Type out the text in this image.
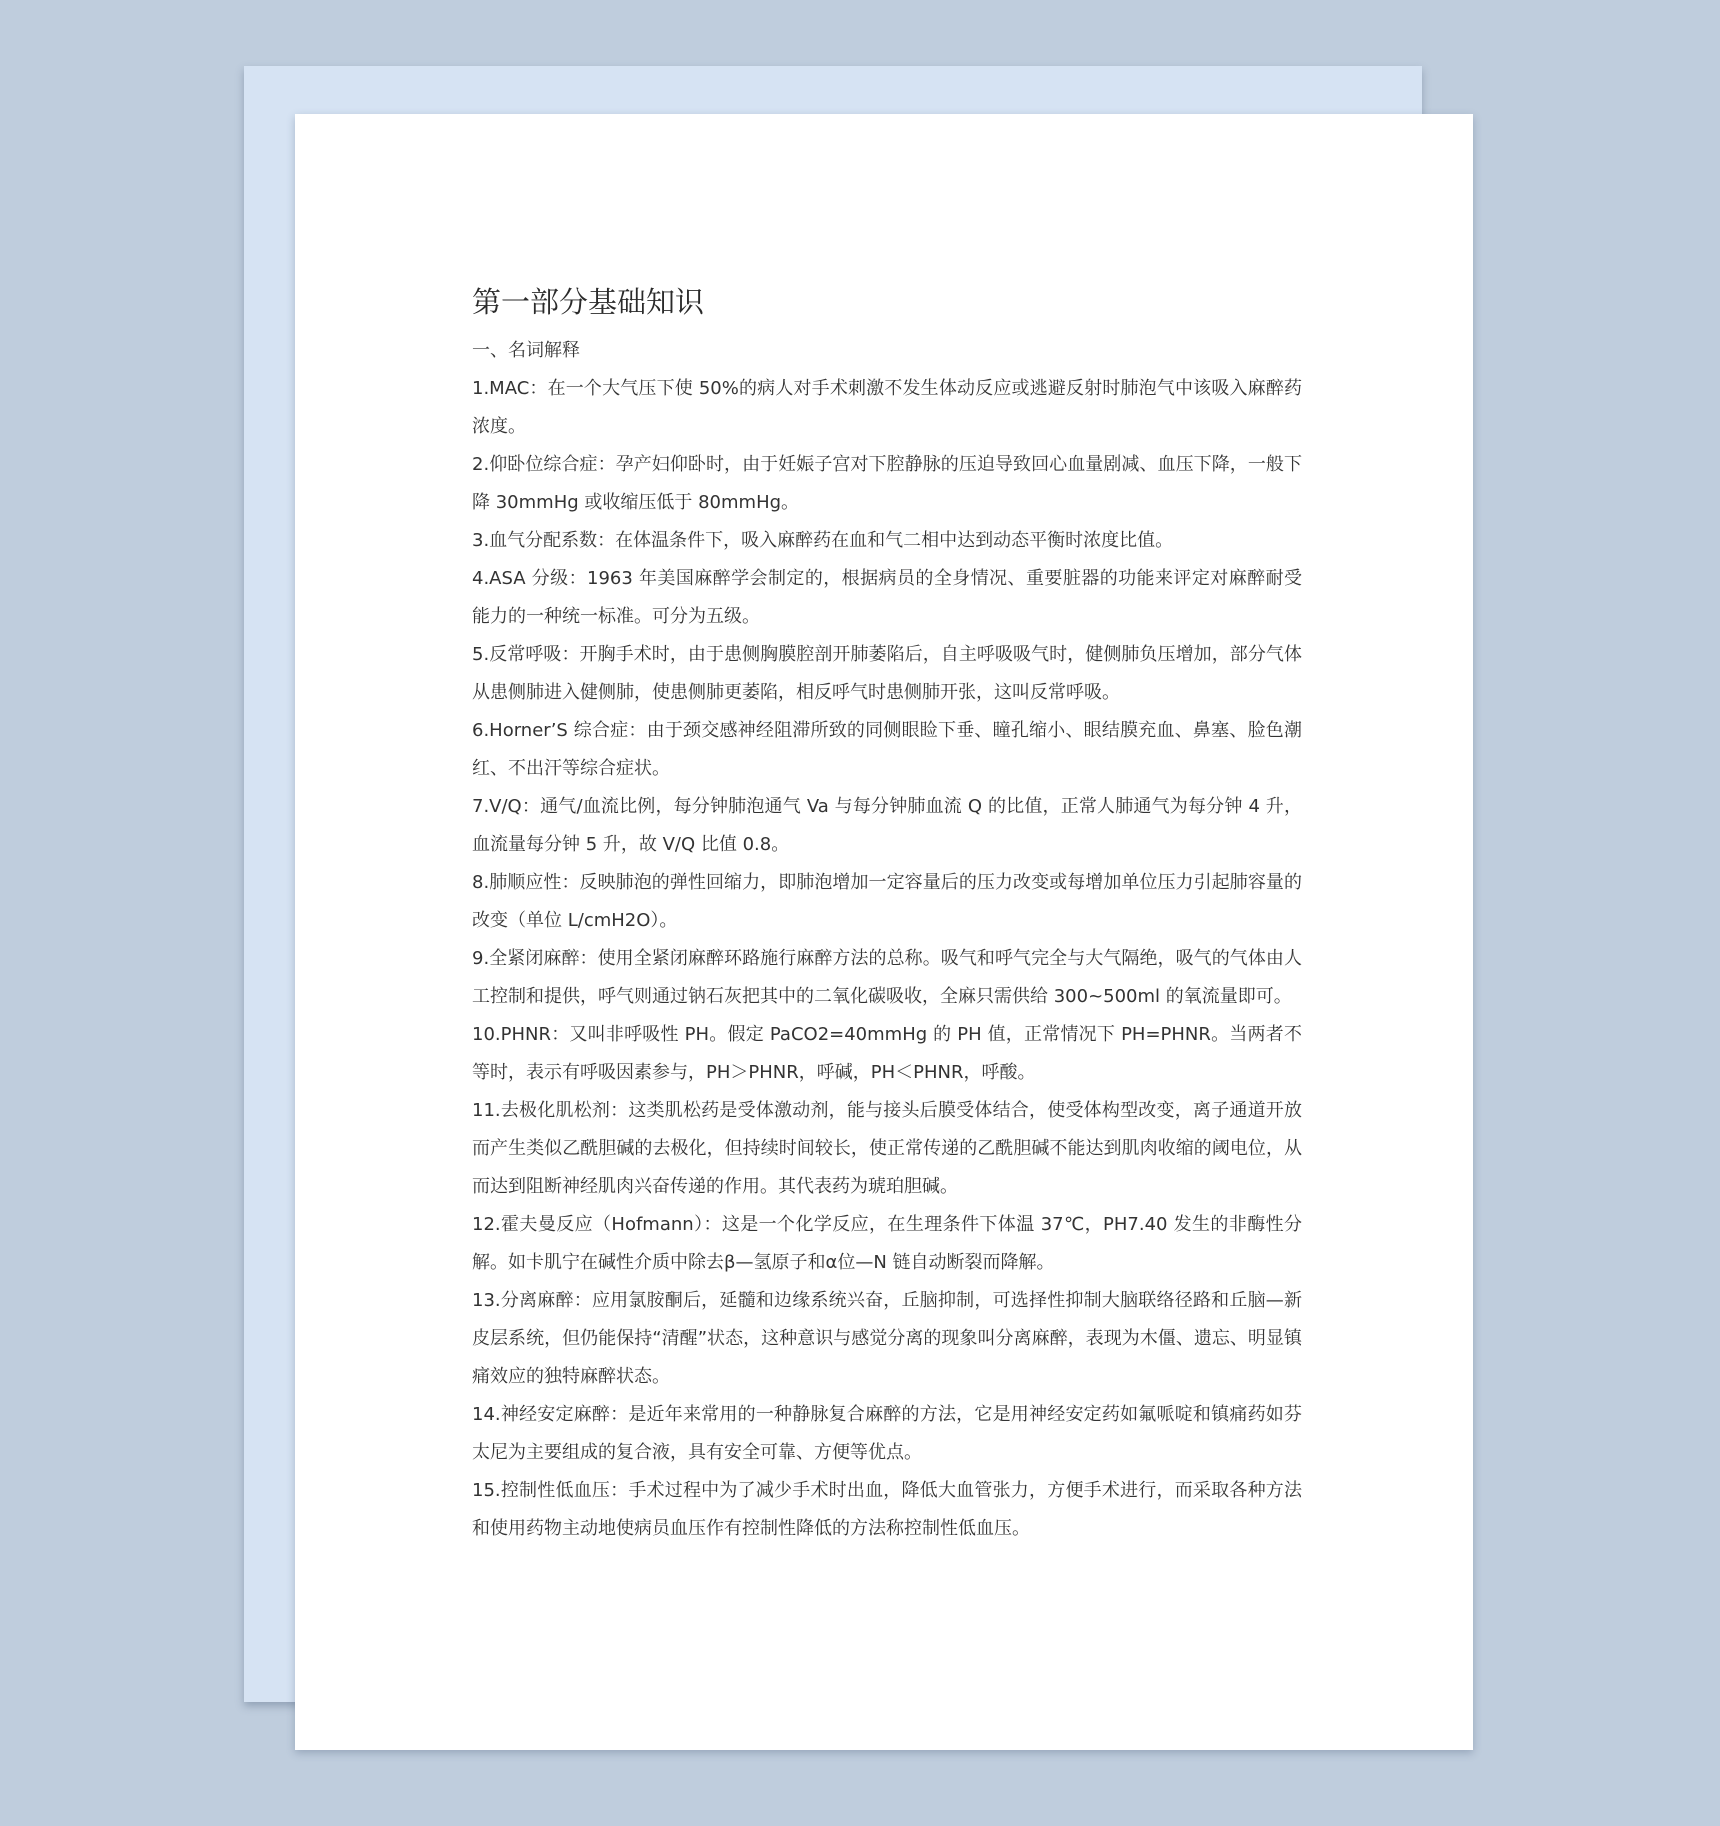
第一部分基础知识

一、名词解释

1.MAC：在一个大气压下使 50%的病人对手术刺激不发生体动反应或逃避反射时肺泡气中该吸入麻醉药浓度。

2.仰卧位综合症：孕产妇仰卧时，由于妊娠子宫对下腔静脉的压迫导致回心血量剧减、血压下降，一般下降 30mmHg 或收缩压低于 80mmHg。

3.血气分配系数：在体温条件下，吸入麻醉药在血和气二相中达到动态平衡时浓度比值。

4.ASA 分级：1963 年美国麻醉学会制定的，根据病员的全身情况、重要脏器的功能来评定对麻醉耐受能力的一种统一标准。可分为五级。

5.反常呼吸：开胸手术时，由于患侧胸膜腔剖开肺萎陷后，自主呼吸吸气时，健侧肺负压增加，部分气体从患侧肺进入健侧肺，使患侧肺更萎陷，相反呼气时患侧肺开张，这叫反常呼吸。

6.Horner’S 综合症：由于颈交感神经阻滞所致的同侧眼睑下垂、瞳孔缩小、眼结膜充血、鼻塞、脸色潮红、不出汗等综合症状。

7.V/Q：通气/血流比例，每分钟肺泡通气 Va 与每分钟肺血流 Q 的比值，正常人肺通气为每分钟 4 升，血流量每分钟 5 升，故 V/Q 比值 0.8。

8.肺顺应性：反映肺泡的弹性回缩力，即肺泡增加一定容量后的压力改变或每增加单位压力引起肺容量的改变（单位 L/cmH2O）。

9.全紧闭麻醉：使用全紧闭麻醉环路施行麻醉方法的总称。吸气和呼气完全与大气隔绝，吸气的气体由人工控制和提供，呼气则通过钠石灰把其中的二氧化碳吸收，全麻只需供给 300~500ml 的氧流量即可。

10.PHNR：又叫非呼吸性 PH。假定 PaCO2=40mmHg 的 PH 值，正常情况下 PH=PHNR。当两者不等时，表示有呼吸因素参与，PH＞PHNR，呼碱，PH＜PHNR，呼酸。

11.去极化肌松剂：这类肌松药是受体激动剂，能与接头后膜受体结合，使受体构型改变，离子通道开放而产生类似乙酰胆碱的去极化，但持续时间较长，使正常传递的乙酰胆碱不能达到肌肉收缩的阈电位，从而达到阻断神经肌肉兴奋传递的作用。其代表药为琥珀胆碱。

12.霍夫曼反应（Hofmann）：这是一个化学反应，在生理条件下体温 37℃，PH7.40 发生的非酶性分解。如卡肌宁在碱性介质中除去β—氢原子和α位—N 链自动断裂而降解。

13.分离麻醉：应用氯胺酮后，延髓和边缘系统兴奋，丘脑抑制，可选择性抑制大脑联络径路和丘脑—新皮层系统，但仍能保持“清醒”状态，这种意识与感觉分离的现象叫分离麻醉，表现为木僵、遗忘、明显镇痛效应的独特麻醉状态。

14.神经安定麻醉：是近年来常用的一种静脉复合麻醉的方法，它是用神经安定药如氟哌啶和镇痛药如芬太尼为主要组成的复合液，具有安全可靠、方便等优点。

15.控制性低血压：手术过程中为了减少手术时出血，降低大血管张力，方便手术进行，而采取各种方法和使用药物主动地使病员血压作有控制性降低的方法称控制性低血压。
